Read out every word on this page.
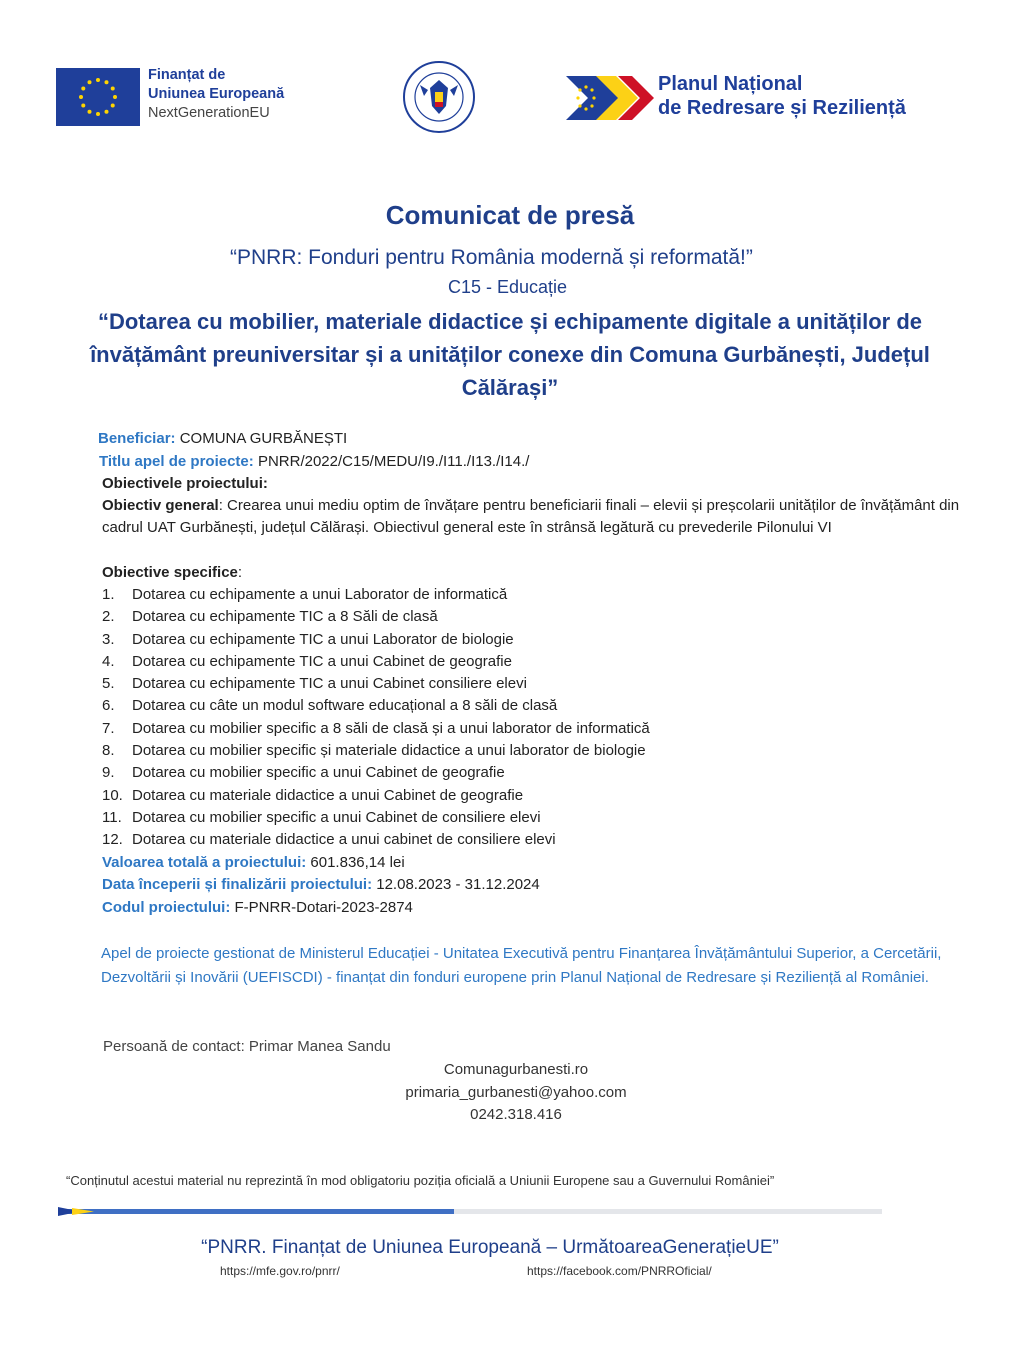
Finanțat de
Uniunea Europeană
NextGenerationEU
Planul Național
de Redresare și Reziliență
Comunicat de presă
“PNRR: Fonduri pentru România modernă și reformată!”
C15 - Educație
“Dotarea cu mobilier, materiale didactice și echipamente digitale a unităților de învățământ preuniversitar și a unităților conexe din Comuna Gurbănești, Județul Călărași”
Beneficiar: COMUNA GURBĂNEȘTI
Titlu apel de proiecte: PNRR/2022/C15/MEDU/I9./I11./I13./I14./
Obiectivele proiectului:
Obiectiv general: Crearea unui mediu optim de învățare pentru beneficiarii finali – elevii și preșcolarii unităților de învățământ din cadrul UAT Gurbănești, județul Călărași. Obiectivul general este în strânsă legătură cu prevederile Pilonului VI
Obiective specifice:
1. Dotarea cu echipamente a unui Laborator de informatică
2. Dotarea cu echipamente TIC a 8 Săli de clasă
3. Dotarea cu echipamente TIC a unui Laborator de biologie
4. Dotarea cu echipamente TIC a unui Cabinet de geografie
5. Dotarea cu echipamente TIC a unui Cabinet consiliere elevi
6. Dotarea cu câte un modul software educațional a 8 săli de clasă
7. Dotarea cu mobilier specific a 8 săli de clasă și a unui laborator de informatică
8. Dotarea cu mobilier specific și materiale didactice a unui laborator de biologie
9. Dotarea cu mobilier specific a unui Cabinet de geografie
10. Dotarea cu materiale didactice a unui Cabinet de geografie
11. Dotarea cu mobilier specific a unui Cabinet de consiliere elevi
12. Dotarea cu materiale didactice a unui cabinet de consiliere elevi
Valoarea totală a proiectului: 601.836,14 lei
Data începerii și finalizării proiectului: 12.08.2023 - 31.12.2024
Codul proiectului: F-PNRR-Dotari-2023-2874
Apel de proiecte gestionat de Ministerul Educației - Unitatea Executivă pentru Finanțarea Învățământului Superior, a Cercetării, Dezvoltării și Inovării (UEFISCDI) - finanțat din fonduri europene prin Planul Național de Redresare și Reziliență al României.
Persoană de contact: Primar Manea Sandu
Comunagurbanesti.ro
primaria_gurbanesti@yahoo.com
0242.318.416
“Conținutul acestui material nu reprezintă în mod obligatoriu poziția oficială a Uniunii Europene sau a Guvernului României”
“PNRR. Finanțat de Uniunea Europeană – UrmătoareaGenerațieUE”
https://mfe.gov.ro/pnrr/	https://facebook.com/PNRROficial/
